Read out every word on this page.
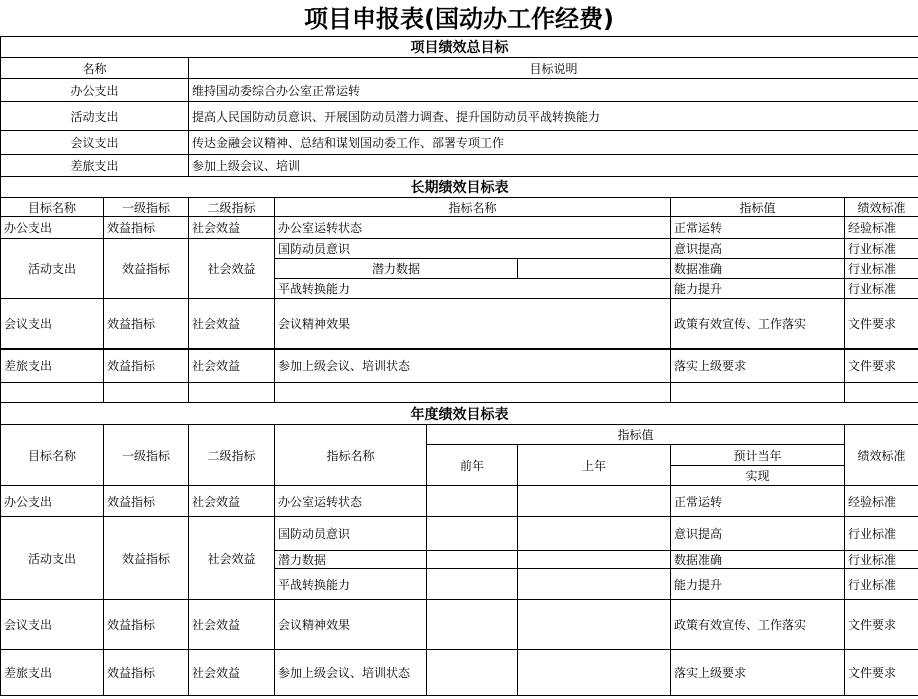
项目申报表(国动办工作经费)
项目绩效总目标	
名称	目标说明
办公支出	维持国动委综合办公室正常运转
活动支出	提高人民国防动员意识、开展国防动员潜力调查、提升国防动员平战转换能力
会议支出	传达金融会议精神、总结和谋划国动委工作、部署专项工作
差旅支出	参加上级会议、培训
长期绩效目标表							
目标名称	一级指标	二级指标	指标名称		指标值	绩效标准	
办公支出	效益指标	社会效益	办公室运转状态		正常运转	经验标准	
活动支出	效益指标	社会效益	国防动员意识		意识提高	行业标准	
			潜力数据		数据准确	行业标准	
			平战转换能力		能力提升	行业标准	
会议支出	效益指标	社会效益	会议精神效果		政策有效宣传、工作落实	文件要求	
差旅支出	效益指标	社会效益	参加上级会议、培训状态		落实上级要求	文件要求	

年度绩效目标表							
目标名称	一级指标	二级指标	指标名称	指标值			绩效标准
				前年	上年	预计当年	
						实现	
办公支出	效益指标	社会效益	办公室运转状态			正常运转	经验标准
活动支出	效益指标	社会效益	国防动员意识			意识提高	行业标准
			潜力数据			数据准确	行业标准
			平战转换能力			能力提升	行业标准
会议支出	效益指标	社会效益	会议精神效果			政策有效宣传、工作落实	文件要求
差旅支出	效益指标	社会效益	参加上级会议、培训状态			落实上级要求	文件要求
